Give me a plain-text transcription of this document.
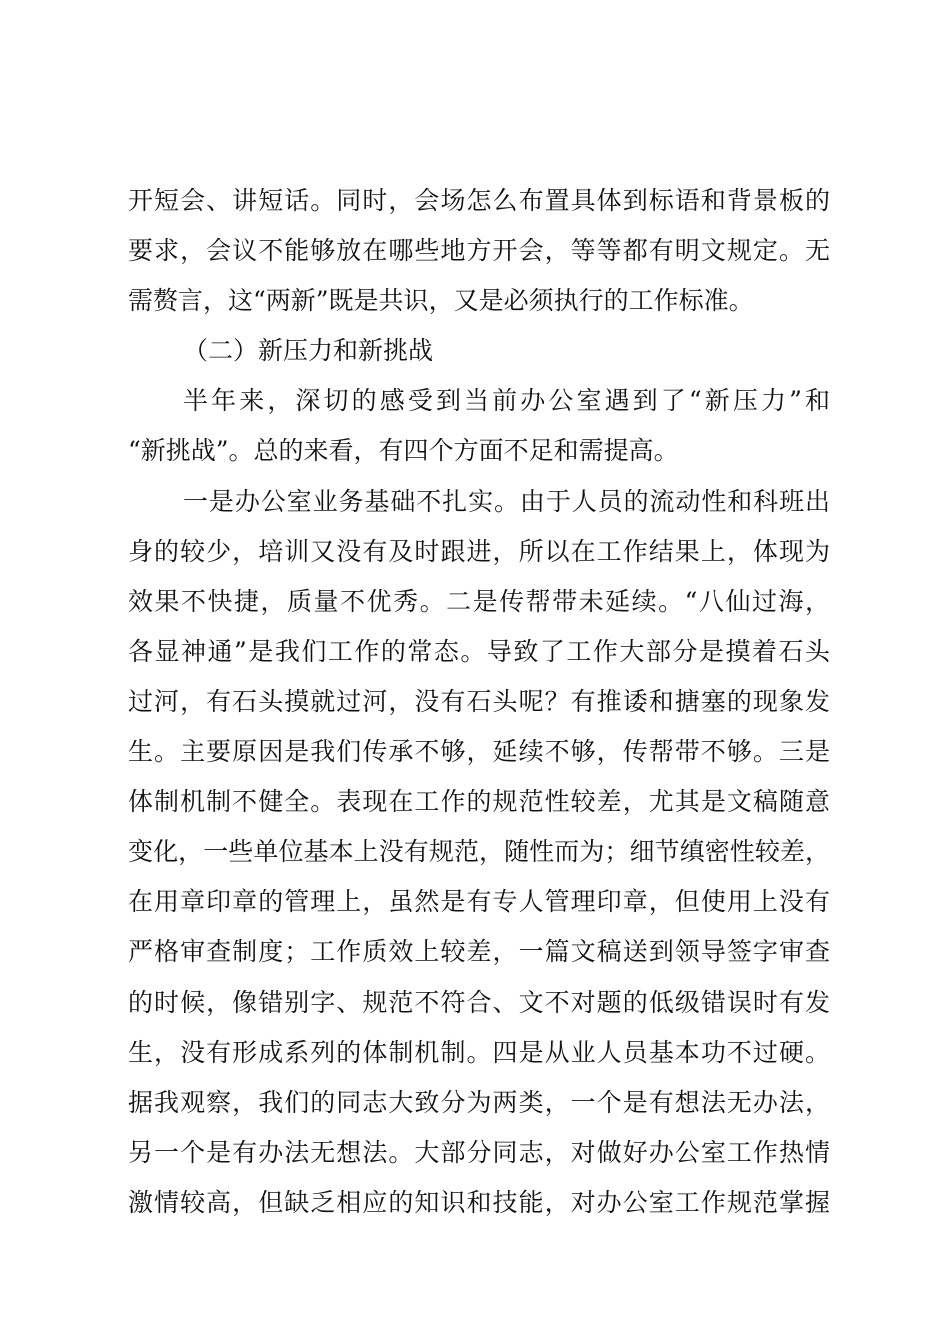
开短会、讲短话。同时，会场怎么布置具体到标语和背景板的
要求，会议不能够放在哪些地方开会，等等都有明文规定。无
需赘言，这“两新”既是共识，又是必须执行的工作标准。
（二）新压力和新挑战
半年来，深切的感受到当前办公室遇到了“新压力”和
“新挑战”。总的来看，有四个方面不足和需提高。
一是办公室业务基础不扎实。由于人员的流动性和科班出
身的较少，培训又没有及时跟进，所以在工作结果上，体现为
效果不快捷，质量不优秀。二是传帮带未延续。“八仙过海，
各显神通”是我们工作的常态。导致了工作大部分是摸着石头
过河，有石头摸就过河，没有石头呢？有推诿和搪塞的现象发
生。主要原因是我们传承不够，延续不够，传帮带不够。三是
体制机制不健全。表现在工作的规范性较差，尤其是文稿随意
变化，一些单位基本上没有规范，随性而为；细节缜密性较差，
在用章印章的管理上，虽然是有专人管理印章，但使用上没有
严格审查制度；工作质效上较差，一篇文稿送到领导签字审查
的时候，像错别字、规范不符合、文不对题的低级错误时有发
生，没有形成系列的体制机制。四是从业人员基本功不过硬。
据我观察，我们的同志大致分为两类，一个是有想法无办法，
另一个是有办法无想法。大部分同志，对做好办公室工作热情
激情较高，但缺乏相应的知识和技能，对办公室工作规范掌握
